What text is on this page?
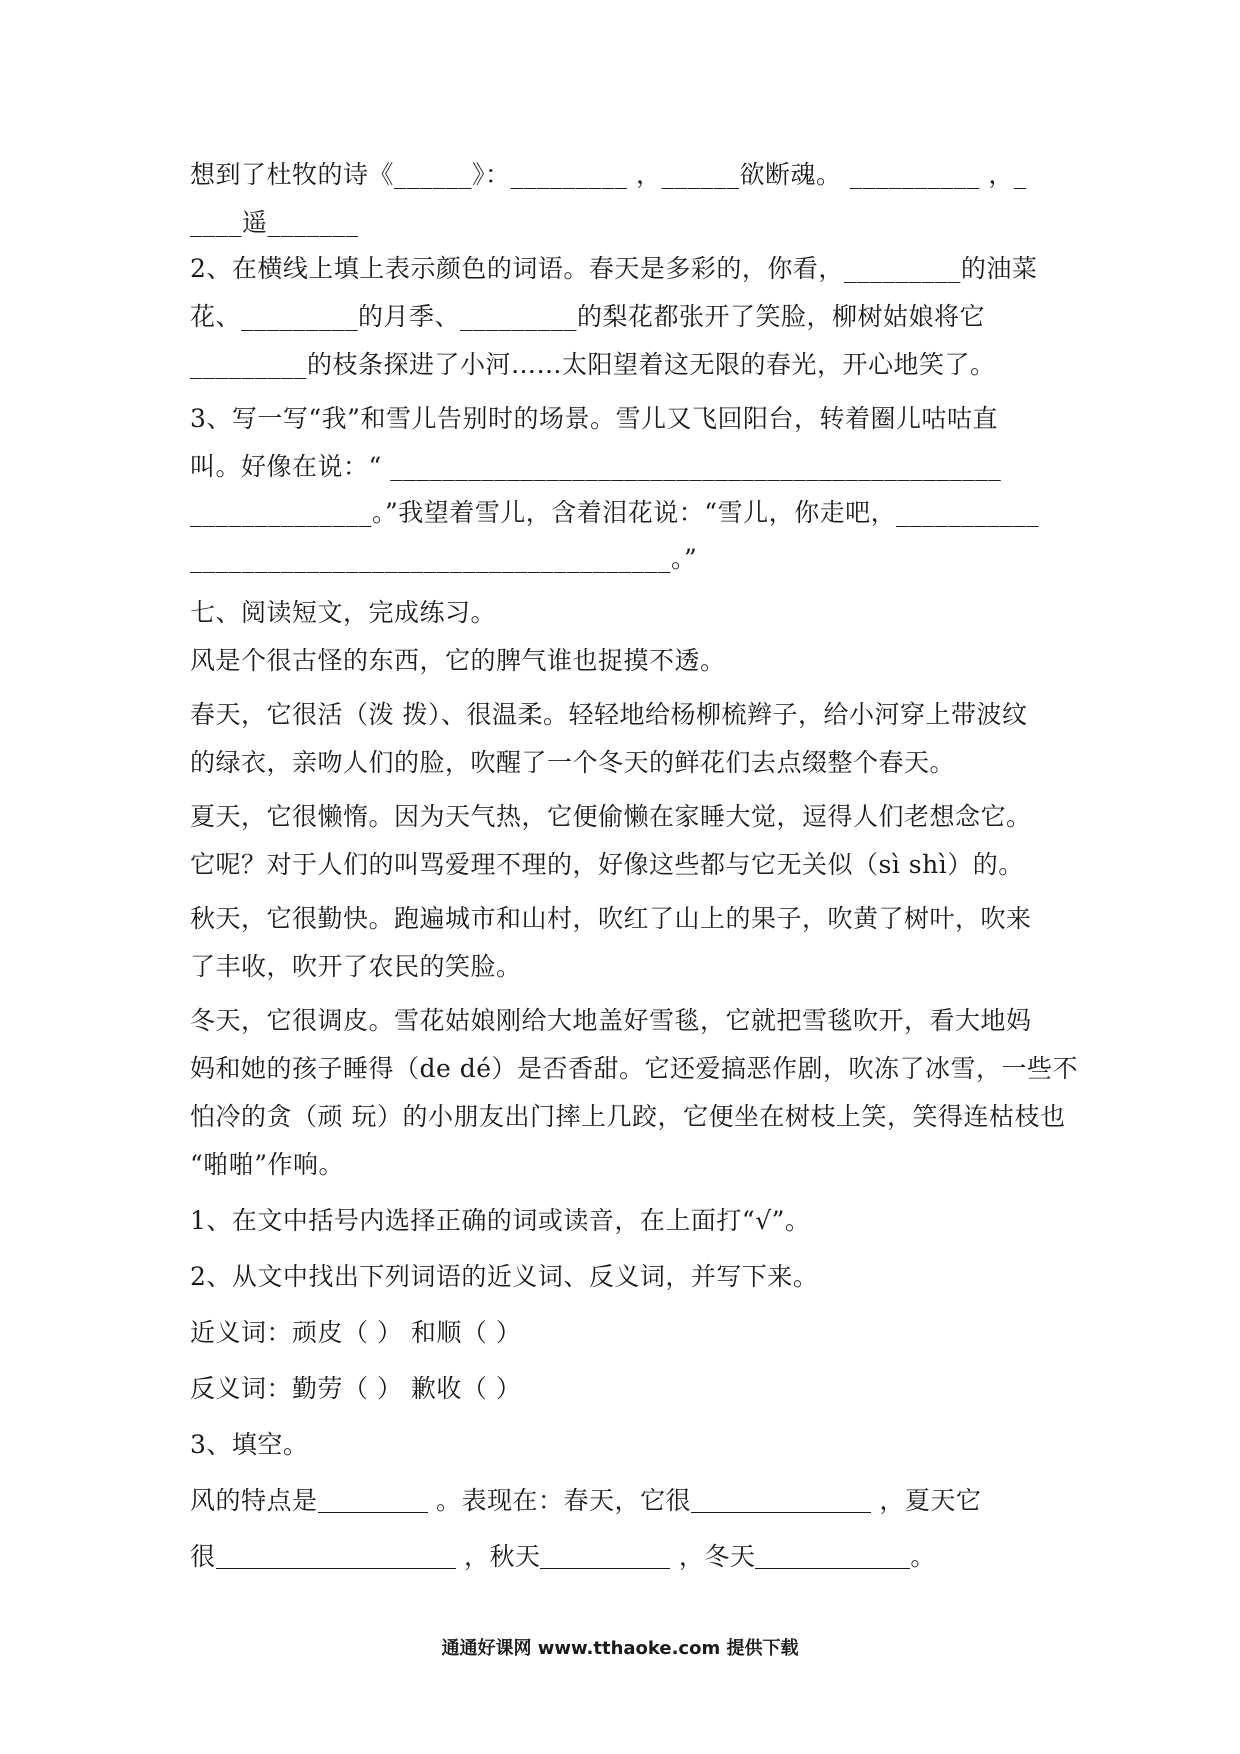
想到了杜牧的诗《______》：_________ ，______欲断魂。 __________ ，_
____遥_______
2、在横线上填上表示颜色的词语。春天是多彩的，你看，_________的油菜
花、_________的月季、_________的梨花都张开了笑脸，柳树姑娘将它
_________的枝条探进了小河……太阳望着这无限的春光，开心地笑了。
3、写一写“我”和雪儿告别时的场景。雪儿又飞回阳台，转着圈儿咕咕直
叫。好像在说：“ _______________________________________________
______________。”我望着雪儿，含着泪花说：“雪儿，你走吧，___________
_____________________________________。”
七、阅读短文，完成练习。
风是个很古怪的东西，它的脾气谁也捉摸不透。
春天，它很活（泼 拨）、很温柔。轻轻地给杨柳梳辫子，给小河穿上带波纹
的绿衣，亲吻人们的脸，吹醒了一个冬天的鲜花们去点缀整个春天。
夏天，它很懒惰。因为天气热，它便偷懒在家睡大觉，逗得人们老想念它。
它呢？对于人们的叫骂爱理不理的，好像这些都与它无关似（sì shì）的。
秋天，它很勤快。跑遍城市和山村，吹红了山上的果子，吹黄了树叶，吹来
了丰收，吹开了农民的笑脸。
冬天，它很调皮。雪花姑娘刚给大地盖好雪毯，它就把雪毯吹开，看大地妈
妈和她的孩子睡得（de dé）是否香甜。它还爱搞恶作剧，吹冻了冰雪，一些不
怕冷的贪（顽 玩）的小朋友出门摔上几跤，它便坐在树枝上笑，笑得连枯枝也
“啪啪”作响。
1、在文中括号内选择正确的词或读音，在上面打“√”。
2、从文中找出下列词语的近义词、反义词，并写下来。
近义词：顽皮（ ） 和顺（ ）
反义词：勤劳（ ） 歉收（ ）
3、填空。
风的特点是	。表现在：春天，它很	，夏天它
很	，秋天	，冬天	。
通通好课网 www.tthaoke.com 提供下载
